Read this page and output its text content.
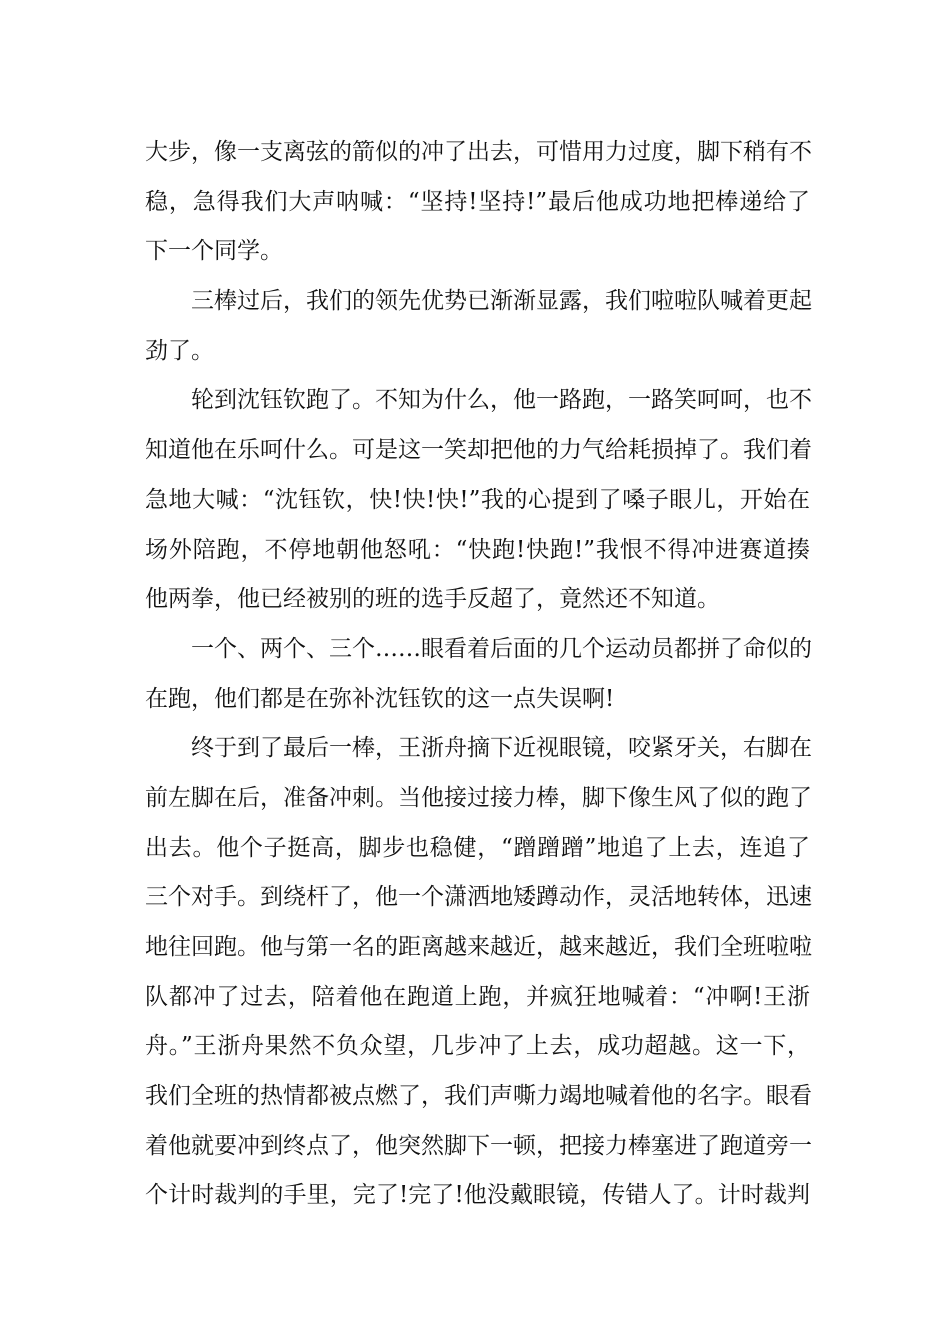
大步，像一支离弦的箭似的冲了出去，可惜用力过度，脚下稍有不
稳，急得我们大声呐喊：“坚持!坚持!”最后他成功地把棒递给了
下一个同学。
三棒过后，我们的领先优势已渐渐显露，我们啦啦队喊着更起
劲了。
轮到沈钰钦跑了。不知为什么，他一路跑，一路笑呵呵，也不
知道他在乐呵什么。可是这一笑却把他的力气给耗损掉了。我们着
急地大喊：“沈钰钦，快!快!快!”我的心提到了嗓子眼儿，开始在
场外陪跑，不停地朝他怒吼：“快跑!快跑!”我恨不得冲进赛道揍
他两拳，他已经被别的班的选手反超了，竟然还不知道。
一个、两个、三个……眼看着后面的几个运动员都拼了命似的
在跑，他们都是在弥补沈钰钦的这一点失误啊!
终于到了最后一棒，王浙舟摘下近视眼镜，咬紧牙关，右脚在
前左脚在后，准备冲刺。当他接过接力棒，脚下像生风了似的跑了
出去。他个子挺高，脚步也稳健，“蹭蹭蹭”地追了上去，连追了
三个对手。到绕杆了，他一个潇洒地矮蹲动作，灵活地转体，迅速
地往回跑。他与第一名的距离越来越近，越来越近，我们全班啦啦
队都冲了过去，陪着他在跑道上跑，并疯狂地喊着：“冲啊!王浙
舟。”王浙舟果然不负众望，几步冲了上去，成功超越。这一下，
我们全班的热情都被点燃了，我们声嘶力竭地喊着他的名字。眼看
着他就要冲到终点了，他突然脚下一顿，把接力棒塞进了跑道旁一
个计时裁判的手里，完了!完了!他没戴眼镜，传错人了。计时裁判
